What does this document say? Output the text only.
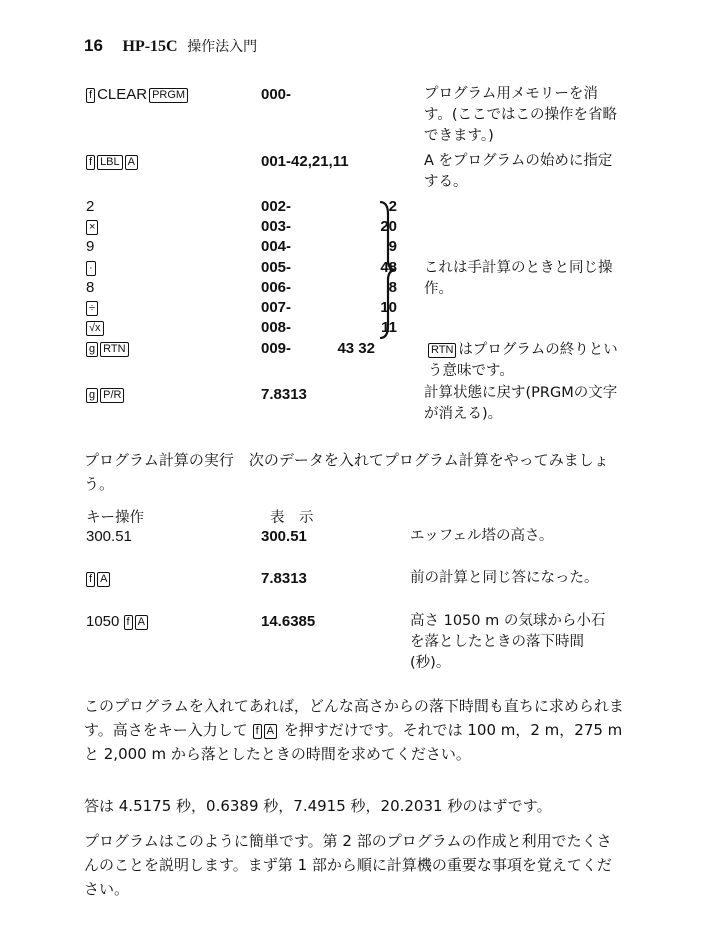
16 HP-15C 操作法入門
f CLEAR PRGM	000-	プログラム用メモリーを消す。(ここではこの操作を省略できます。)
f LBL A	001-42,21,11	A をプログラムの始めに指定する。
2	002-	2
×	003-	20
9	004-	9
·	005-	48
8	006-	8
÷	007-	10
√x	008-	11
これは手計算のときと同じ操作。
g RTN	009-	43 32	RTN はプログラムの終りという意味です。
g P/R	7.8313	計算状態に戻す(PRGMの文字が消える)。
プログラム計算の実行　 次のデータを入れてプログラム計算をやってみましょう。
キー操作	表　示
300.51	300.51	エッフェル塔の高さ。
f A	7.8313	前の計算と同じ答になった。
1050 f A	14.6385	高さ 1050 m の気球から小石を落としたときの落下時間(秒)。
このプログラムを入れてあれば，どんな高さからの落下時間も直ちに求められます。高さをキー入力して f A を押すだけです。それでは 100 m，2 m，275 m と 2,000 m から落としたときの時間を求めてください。
答は 4.5175 秒，0.6389 秒，7.4915 秒，20.2031 秒のはずです。
プログラムはこのように簡単です。第 2 部のプログラムの作成と利用でたくさんのことを説明します。まず第 1 部から順に計算機の重要な事項を覚えてください。
